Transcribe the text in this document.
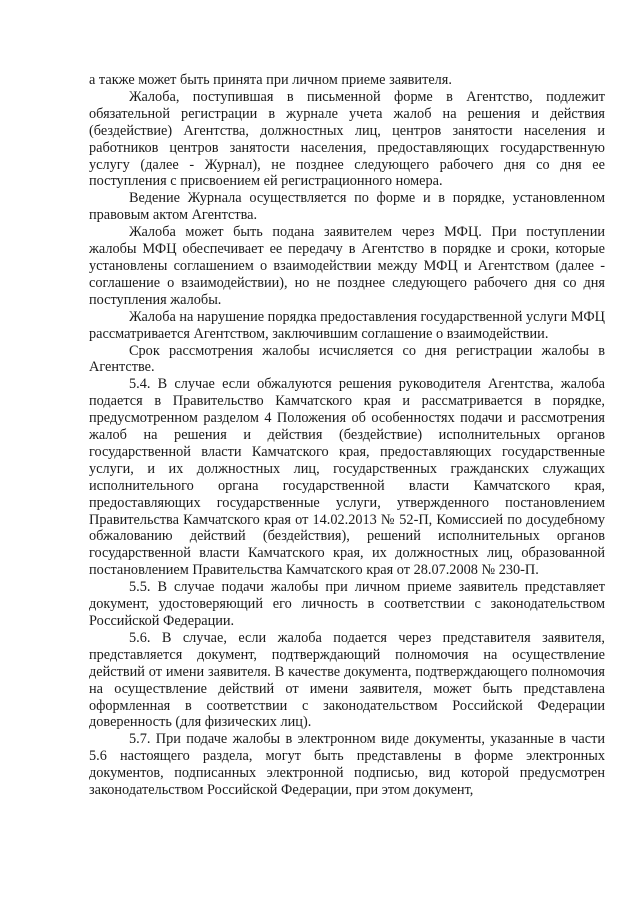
а также может быть принята при личном приеме заявителя.

Жалоба, поступившая в письменной форме в Агентство, подлежит обязательной регистрации в журнале учета жалоб на решения и действия (бездействие) Агентства, должностных лиц, центров занятости населения и работников центров занятости населения, предоставляющих государственную услугу (далее - Журнал), не позднее следующего рабочего дня со дня ее поступления с присвоением ей регистрационного номера.

Ведение Журнала осуществляется по форме и в порядке, установленном правовым актом Агентства.

Жалоба может быть подана заявителем через МФЦ. При поступлении жалобы МФЦ обеспечивает ее передачу в Агентство в порядке и сроки, которые установлены соглашением о взаимодействии между МФЦ и Агентством (далее - соглашение о взаимодействии), но не позднее следующего рабочего дня со дня поступления жалобы.

Жалоба на нарушение порядка предоставления государственной услуги МФЦ рассматривается Агентством, заключившим соглашение о взаимодействии.

Срок рассмотрения жалобы исчисляется со дня регистрации жалобы в Агентстве.

5.4. В случае если обжалуются решения руководителя Агентства, жалоба подается в Правительство Камчатского края и рассматривается в порядке, предусмотренном разделом 4 Положения об особенностях подачи и рассмотрения жалоб на решения и действия (бездействие) исполнительных органов государственной власти Камчатского края, предоставляющих государственные услуги, и их должностных лиц, государственных гражданских служащих исполнительного органа государственной власти Камчатского края, предоставляющих государственные услуги, утвержденного постановлением Правительства Камчатского края от 14.02.2013 № 52-П, Комиссией по досудебному обжалованию действий (бездействия), решений исполнительных органов государственной власти Камчатского края, их должностных лиц, образованной постановлением Правительства Камчатского края от 28.07.2008 № 230-П.

5.5. В случае подачи жалобы при личном приеме заявитель представляет документ, удостоверяющий его личность в соответствии с законодательством Российской Федерации.

5.6. В случае, если жалоба подается через представителя заявителя, представляется документ, подтверждающий полномочия на осуществление действий от имени заявителя. В качестве документа, подтверждающего полномочия на осуществление действий от имени заявителя, может быть представлена оформленная в соответствии с законодательством Российской Федерации доверенность (для физических лиц).

5.7. При подаче жалобы в электронном виде документы, указанные в части 5.6 настоящего раздела, могут быть представлены в форме электронных документов, подписанных электронной подписью, вид которой предусмотрен законодательством Российской Федерации, при этом документ,
